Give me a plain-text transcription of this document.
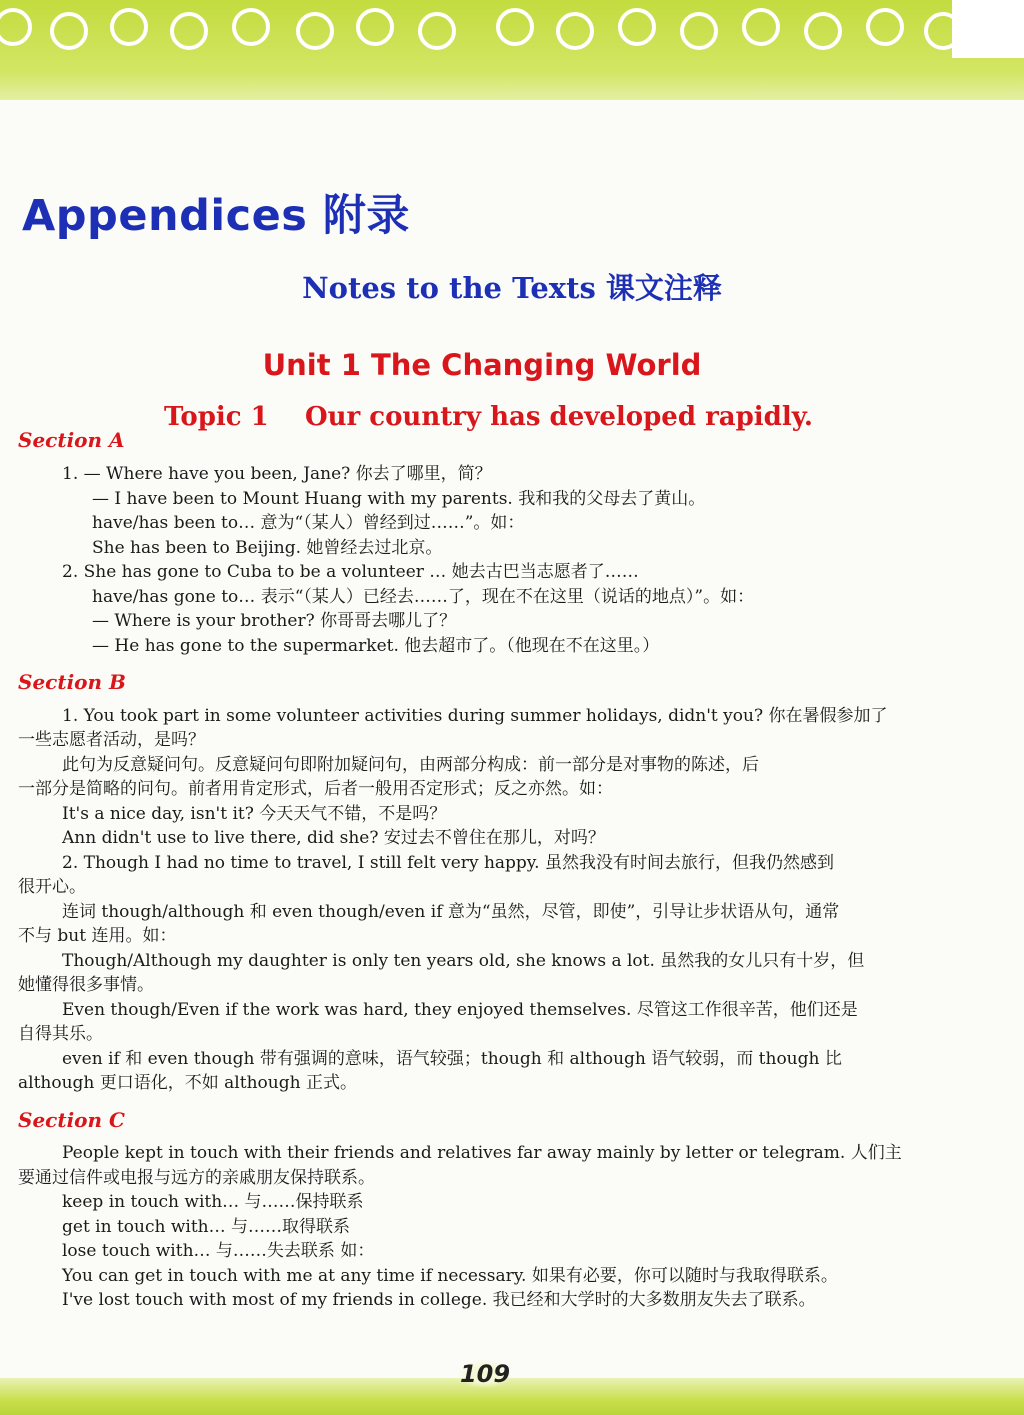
Appendices 附录
Notes to the Texts 课文注释
Unit 1 The Changing World
Topic 1    Our country has developed rapidly.
Section A

1. — Where have you been, Jane? 你去了哪里，简？

— I have been to Mount Huang with my parents. 我和我的父母去了黄山。

have/has been to… 意为“（某人）曾经到过……”。如：

She has been to Beijing. 她曾经去过北京。

2. She has gone to Cuba to be a volunteer … 她去古巴当志愿者了……

have/has gone to… 表示“（某人）已经去……了，现在不在这里（说话的地点）”。如：

— Where is your brother? 你哥哥去哪儿了？

— He has gone to the supermarket. 他去超市了。（他现在不在这里。）

Section B

1. You took part in some volunteer activities during summer holidays, didn't you? 你在暑假参加了

一些志愿者活动，是吗？

此句为反意疑问句。反意疑问句即附加疑问句，由两部分构成：前一部分是对事物的陈述，后

一部分是简略的问句。前者用肯定形式，后者一般用否定形式；反之亦然。如：

It's a nice day, isn't it? 今天天气不错，不是吗？

Ann didn't use to live there, did she? 安过去不曾住在那儿，对吗？

2. Though I had no time to travel, I still felt very happy. 虽然我没有时间去旅行，但我仍然感到

很开心。

连词 though/although 和 even though/even if 意为“虽然，尽管，即使”，引导让步状语从句，通常

不与 but 连用。如：

Though/Although my daughter is only ten years old, she knows a lot. 虽然我的女儿只有十岁，但

她懂得很多事情。

Even though/Even if the work was hard, they enjoyed themselves. 尽管这工作很辛苦，他们还是

自得其乐。

even if 和 even though 带有强调的意味，语气较强；though 和 although 语气较弱，而 though 比

although 更口语化，不如 although 正式。

Section C

People kept in touch with their friends and relatives far away mainly by letter or telegram. 人们主

要通过信件或电报与远方的亲戚朋友保持联系。

keep in touch with… 与……保持联系

get in touch with… 与……取得联系

lose touch with… 与……失去联系 如：

You can get in touch with me at any time if necessary. 如果有必要，你可以随时与我取得联系。

I've lost touch with most of my friends in college. 我已经和大学时的大多数朋友失去了联系。

109
